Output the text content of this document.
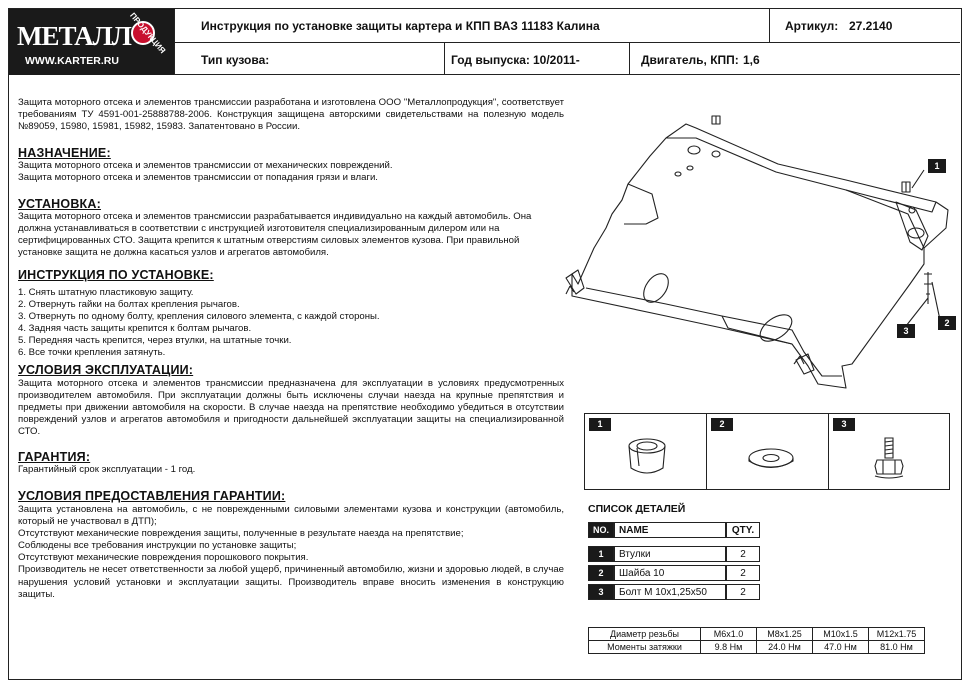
МЕТАЛЛ
ПРОДУКЦИЯ
WWW.KARTER.RU
Инструкция по установке защиты картера и КПП ВАЗ 11183 Калина	Артикул: 27.2140
Тип кузова:	Год выпуска: 10/2011-	Двигатель, КПП: 1,6

Защита моторного отсека и элементов трансмиссии разработана и изготовлена ООО "Металлопродукция", соответствует требованиям ТУ 4591-001-25888788-2006. Конструкция защищена авторскими свидетельствами на полезную модель №89059, 15980, 15981, 15982, 15983. Запатентовано в России.

НАЗНАЧЕНИЕ:

Защита моторного отсека и элементов трансмиссии от механических повреждений.

Защита моторного отсека и элементов трансмиссии от попадания грязи и влаги.

УСТАНОВКА:

Защита моторного отсека и элементов трансмиссии разрабатывается индивидуально на каждый автомобиль. Она должна устанавливаться в соответствии с инструкцией изготовителя специализированным дилером или на сертифицированных СТО. Защита крепится к штатным отверстиям силовых элементов кузова. При правильной установке защита не должна касаться узлов и агрегатов автомобиля.

ИНСТРУКЦИЯ ПО УСТАНОВКЕ:

1. Снять штатную пластиковую защиту.

2. Отвернуть гайки на болтах крепления рычагов.

3. Отвернуть по одному болту, крепления силового элемента, с каждой стороны.

4. Задняя часть защиты крепится к болтам рычагов.

5. Передняя часть крепится, через втулки, на штатные точки.

6. Все точки крепления затянуть.

УСЛОВИЯ ЭКСПЛУАТАЦИИ:

Защита моторного отсека и элементов трансмиссии предназначена для эксплуатации в условиях предусмотренных производителем автомобиля. При эксплуатации должны быть исключены случаи наезда на крупные препятствия и предметы при движении автомобиля на скорости. В случае наезда на препятствие необходимо убедиться в отсутствии повреждений узлов и агрегатов автомобиля и пригодности дальнейшей эксплуатации защиты на специализированной СТО.

ГАРАНТИЯ:

Гарантийный срок эксплуатации - 1 год.

УСЛОВИЯ ПРЕДОСТАВЛЕНИЯ ГАРАНТИИ:

Защита установлена на автомобиль, с не поврежденными силовыми элементами кузова и конструкции (автомобиль, который не участвовал в ДТП);

Отсутствуют механические повреждения защиты, полученные в результате наезда на препятствие;

Соблюдены все требования инструкции по установке защиты;

Отсутствуют механические повреждения порошкового покрытия.

Производитель не несет ответственности за любой ущерб, причиненный автомобилю, жизни и здоровью людей, в случае нарушения условий установки и эксплуатации защиты. Производитель вправе вносить изменения в конструкцию защиты.

1
2
3
1	2	3
СПИСОК ДЕТАЛЕЙ
NO.	NAME	QTY.

1	Втулки	2
2	Шайба 10	2
3	Болт М 10х1,25х50	2
Диаметр резьбы	M6x1.0	M8x1.25	M10x1.5	M12x1.75
Моменты затяжки	9.8 Нм	24.0 Нм	47.0 Нм	81.0 Нм
